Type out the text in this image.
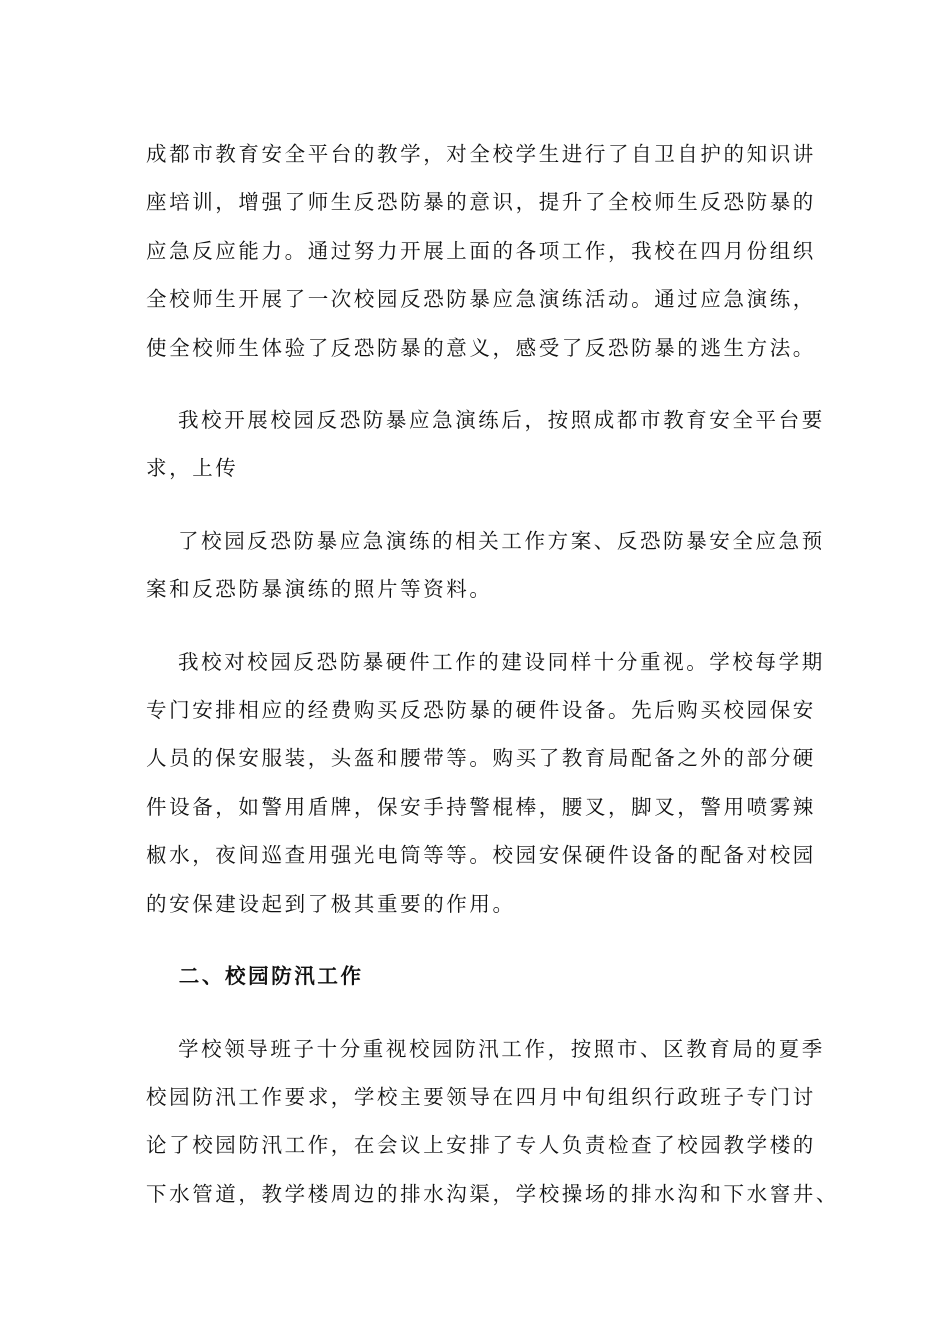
成都市教育安全平台的教学，对全校学生进行了自卫自护的知识讲
座培训，增强了师生反恐防暴的意识，提升了全校师生反恐防暴的
应急反应能力。通过努力开展上面的各项工作，我校在四月份组织
全校师生开展了一次校园反恐防暴应急演练活动。通过应急演练，
使全校师生体验了反恐防暴的意义，感受了反恐防暴的逃生方法。

我校开展校园反恐防暴应急演练后，按照成都市教育安全平台要
求，上传

了校园反恐防暴应急演练的相关工作方案、反恐防暴安全应急预
案和反恐防暴演练的照片等资料。

我校对校园反恐防暴硬件工作的建设同样十分重视。学校每学期
专门安排相应的经费购买反恐防暴的硬件设备。先后购买校园保安
人员的保安服装，头盔和腰带等。购买了教育局配备之外的部分硬
件设备，如警用盾牌，保安手持警棍棒，腰叉，脚叉，警用喷雾辣
椒水，夜间巡查用强光电筒等等。校园安保硬件设备的配备对校园
的安保建设起到了极其重要的作用。

二、校园防汛工作

学校领导班子十分重视校园防汛工作，按照市、区教育局的夏季
校园防汛工作要求，学校主要领导在四月中旬组织行政班子专门讨
论了校园防汛工作，在会议上安排了专人负责检查了校园教学楼的
下水管道，教学楼周边的排水沟渠，学校操场的排水沟和下水窨井、
